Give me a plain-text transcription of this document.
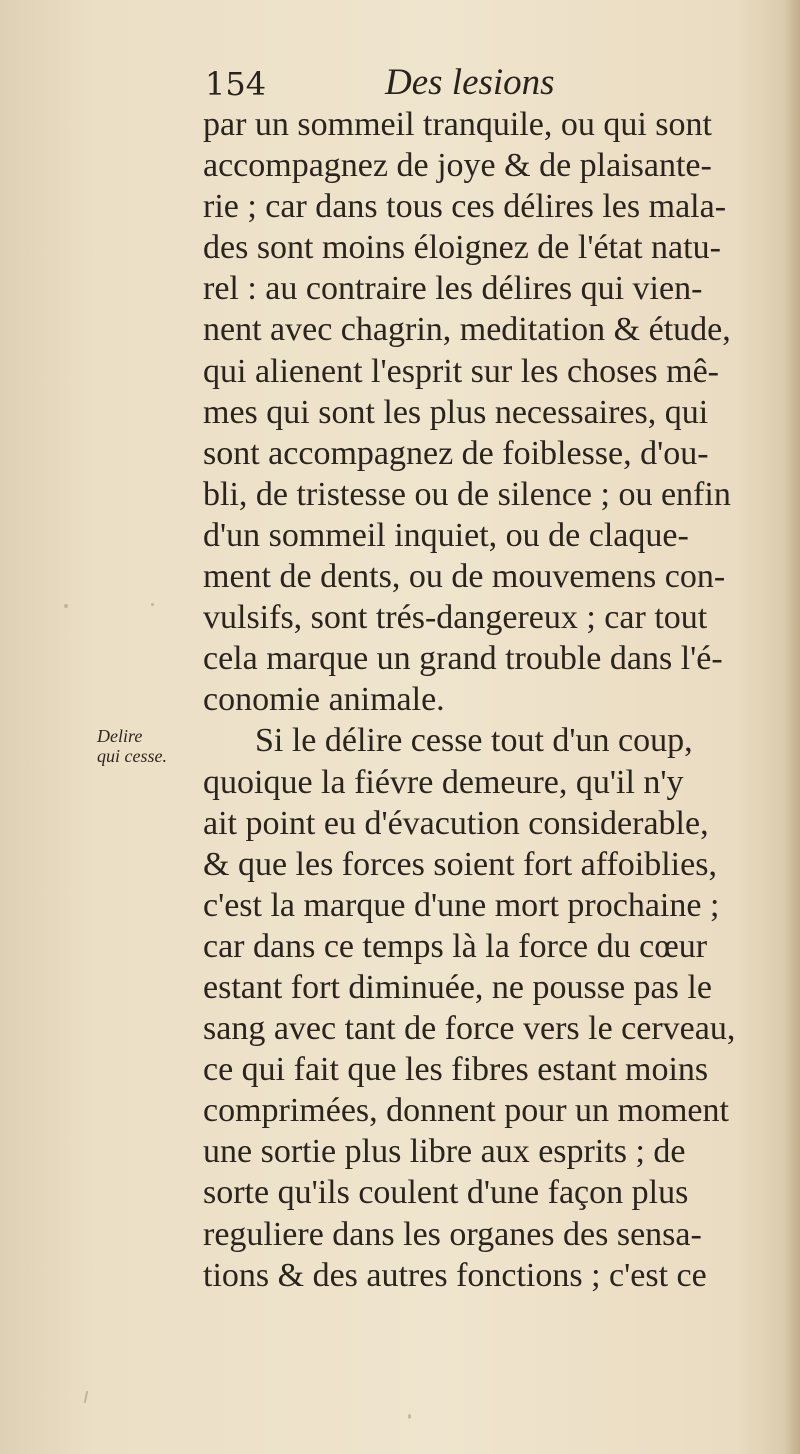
154	Des lesions
Delire
qui cesse.
par un sommeil tranquile, ou qui sont
accompagnez de joye & de plaisante-
rie ; car dans tous ces délires les mala-
des sont moins éloignez de l'état natu-
rel : au contraire les délires qui vien-
nent avec chagrin, meditation & étude,
qui alienent l'esprit sur les choses mê-
mes qui sont les plus necessaires, qui
sont accompagnez de foiblesse, d'ou-
bli, de tristesse ou de silence ; ou enfin
d'un sommeil inquiet, ou de claque-
ment de dents, ou de mouvemens con-
vulsifs, sont trés-dangereux ; car tout
cela marque un grand trouble dans l'é-
conomie animale.
Si le délire cesse tout d'un coup,
quoique la fiévre demeure, qu'il n'y
ait point eu d'évacution considerable,
& que les forces soient fort affoiblies,
c'est la marque d'une mort prochaine ;
car dans ce temps là la force du cœur
estant fort diminuée, ne pousse pas le
sang avec tant de force vers le cerveau,
ce qui fait que les fibres estant moins
comprimées, donnent pour un moment
une sortie plus libre aux esprits ; de
sorte qu'ils coulent d'une façon plus
reguliere dans les organes des sensa-
tions & des autres fonctions ; c'est ce
